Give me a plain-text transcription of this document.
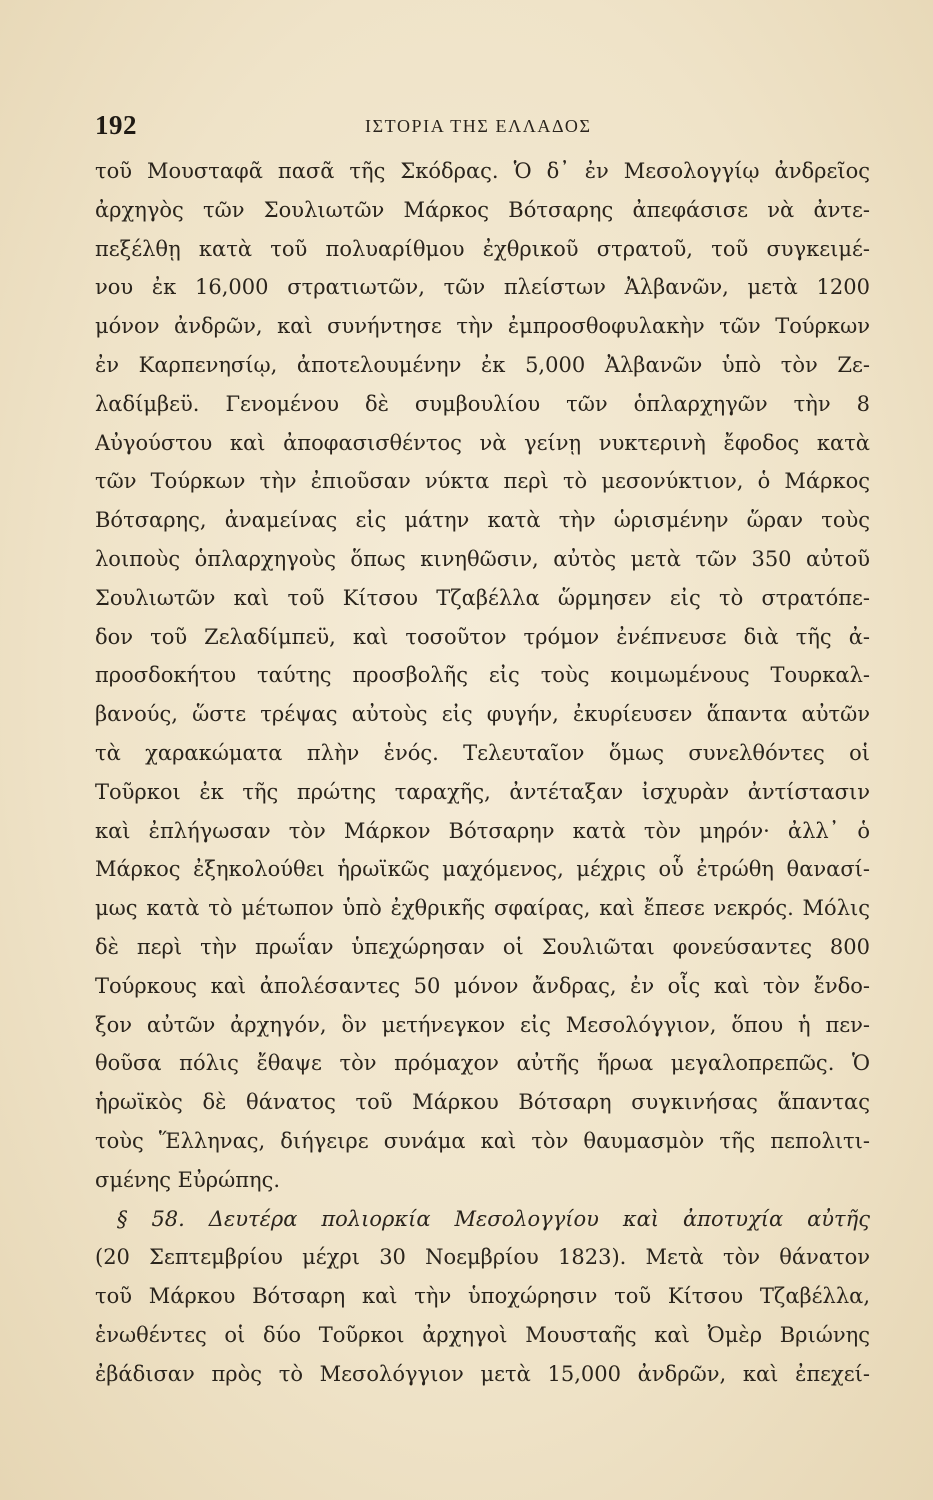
192	ΙΣΤΟΡΙΑ ΤΗΣ ΕΛΛΑΔΟΣ
τοῦ Μουσταφᾶ πασᾶ τῆς Σκόδρας. Ὁ δ᾽ ἐν Μεσολογγίῳ ἀνδρεῖος
ἀρχηγὸς τῶν Σουλιωτῶν Μάρκος Βότσαρης ἀπεφάσισε νὰ ἀντε-
πεξέλθῃ κατὰ τοῦ πολυαρίθμου ἐχθρικοῦ στρατοῦ, τοῦ συγκειμέ-
νου ἐκ 16,000 στρατιωτῶν, τῶν πλείστων Ἀλβανῶν, μετὰ 1200
μόνον ἀνδρῶν, καὶ συνήντησε τὴν ἐμπροσθοφυλακὴν τῶν Τούρκων
ἐν Καρπενησίῳ, ἀποτελουμένην ἐκ 5,000 Ἀλβανῶν ὑπὸ τὸν Ζε-
λαδίμβεϋ. Γενομένου δὲ συμβουλίου τῶν ὁπλαρχηγῶν τὴν 8
Αὐγούστου καὶ ἀποφασισθέντος νὰ γείνῃ νυκτερινὴ ἔφοδος κατὰ
τῶν Τούρκων τὴν ἐπιοῦσαν νύκτα περὶ τὸ μεσονύκτιον, ὁ Μάρκος
Βότσαρης, ἀναμείνας εἰς μάτην κατὰ τὴν ὡρισμένην ὥραν τοὺς
λοιποὺς ὁπλαρχηγοὺς ὅπως κινηθῶσιν, αὐτὸς μετὰ τῶν 350 αὐτοῦ
Σουλιωτῶν καὶ τοῦ Κίτσου Τζαβέλλα ὥρμησεν εἰς τὸ στρατόπε-
δον τοῦ Ζελαδίμπεϋ, καὶ τοσοῦτον τρόμον ἐνέπνευσε διὰ τῆς ἀ-
προσδοκήτου ταύτης προσβολῆς εἰς τοὺς κοιμωμένους Τουρκαλ-
βανούς, ὥστε τρέψας αὐτοὺς εἰς φυγήν, ἐκυρίευσεν ἅπαντα αὐτῶν
τὰ χαρακώματα πλὴν ἑνός. Τελευταῖον ὅμως συνελθόντες οἱ
Τοῦρκοι ἐκ τῆς πρώτης ταραχῆς, ἀντέταξαν ἰσχυρὰν ἀντίστασιν
καὶ ἐπλήγωσαν τὸν Μάρκον Βότσαρην κατὰ τὸν μηρόν· ἀλλ᾽ ὁ
Μάρκος ἐξηκολούθει ἡρωϊκῶς μαχόμενος, μέχρις οὗ ἐτρώθη θανασί-
μως κατὰ τὸ μέτωπον ὑπὸ ἐχθρικῆς σφαίρας, καὶ ἔπεσε νεκρός. Μόλις
δὲ περὶ τὴν πρωΐαν ὑπεχώρησαν οἱ Σουλιῶται φονεύσαντες 800
Τούρκους καὶ ἀπολέσαντες 50 μόνον ἄνδρας, ἐν οἷς καὶ τὸν ἔνδο-
ξον αὐτῶν ἀρχηγόν, ὃν μετήνεγκον εἰς Μεσολόγγιον, ὅπου ἡ πεν-
θοῦσα πόλις ἔθαψε τὸν πρόμαχον αὐτῆς ἥρωα μεγαλοπρεπῶς. Ὁ
ἡρωϊκὸς δὲ θάνατος τοῦ Μάρκου Βότσαρη συγκινήσας ἅπαντας
τοὺς Ἕλληνας, διήγειρε συνάμα καὶ τὸν θαυμασμὸν τῆς πεπολιτι-
σμένης Εὐρώπης.
§ 58. Δευτέρα πολιορκία Μεσολογγίου καὶ ἀποτυχία αὐτῆς
(20 Σεπτεμβρίου μέχρι 30 Νοεμβρίου 1823). Μετὰ τὸν θάνατον
τοῦ Μάρκου Βότσαρη καὶ τὴν ὑποχώρησιν τοῦ Κίτσου Τζαβέλλα,
ἑνωθέντες οἱ δύο Τοῦρκοι ἀρχηγοὶ Μουσταῆς καὶ Ὀμὲρ Βριώνης
ἐβάδισαν πρὸς τὸ Μεσολόγγιον μετὰ 15,000 ἀνδρῶν, καὶ ἐπεχεί-
